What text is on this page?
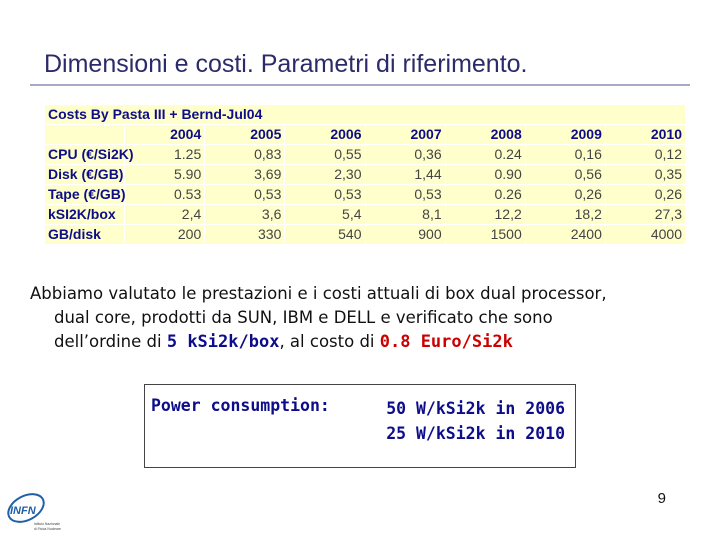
Dimensioni e costi. Parametri di riferimento.
Costs By Pasta III + Bernd-Jul04							
	2004	2005	2006	2007	2008	2009	2010
CPU (€/Si2K)	1.25	0,83	0,55	0,36	0.24	0,16	0,12
Disk (€/GB)	5.90	3,69	2,30	1,44	0.90	0,56	0,35
Tape (€/GB)	0.53	0,53	0,53	0,53	0.26	0,26	0,26
kSI2K/box	2,4	3,6	5,4	8,1	12,2	18,2	27,3
GB/disk	200	330	540	900	1500	2400	4000

Abbiamo valutato le prestazioni e i costi attuali di box dual processor,
dual core, prodotti da SUN, IBM e DELL e verificato che sono
dell’ordine di 5 kSi2k/box, al costo di 0.8 Euro/Si2k

Power consumption:	50 W/kSi2k in 2006
25 W/kSi2k in 2010
9
INFN
Istituto Nazionale
di Fisica Nucleare
